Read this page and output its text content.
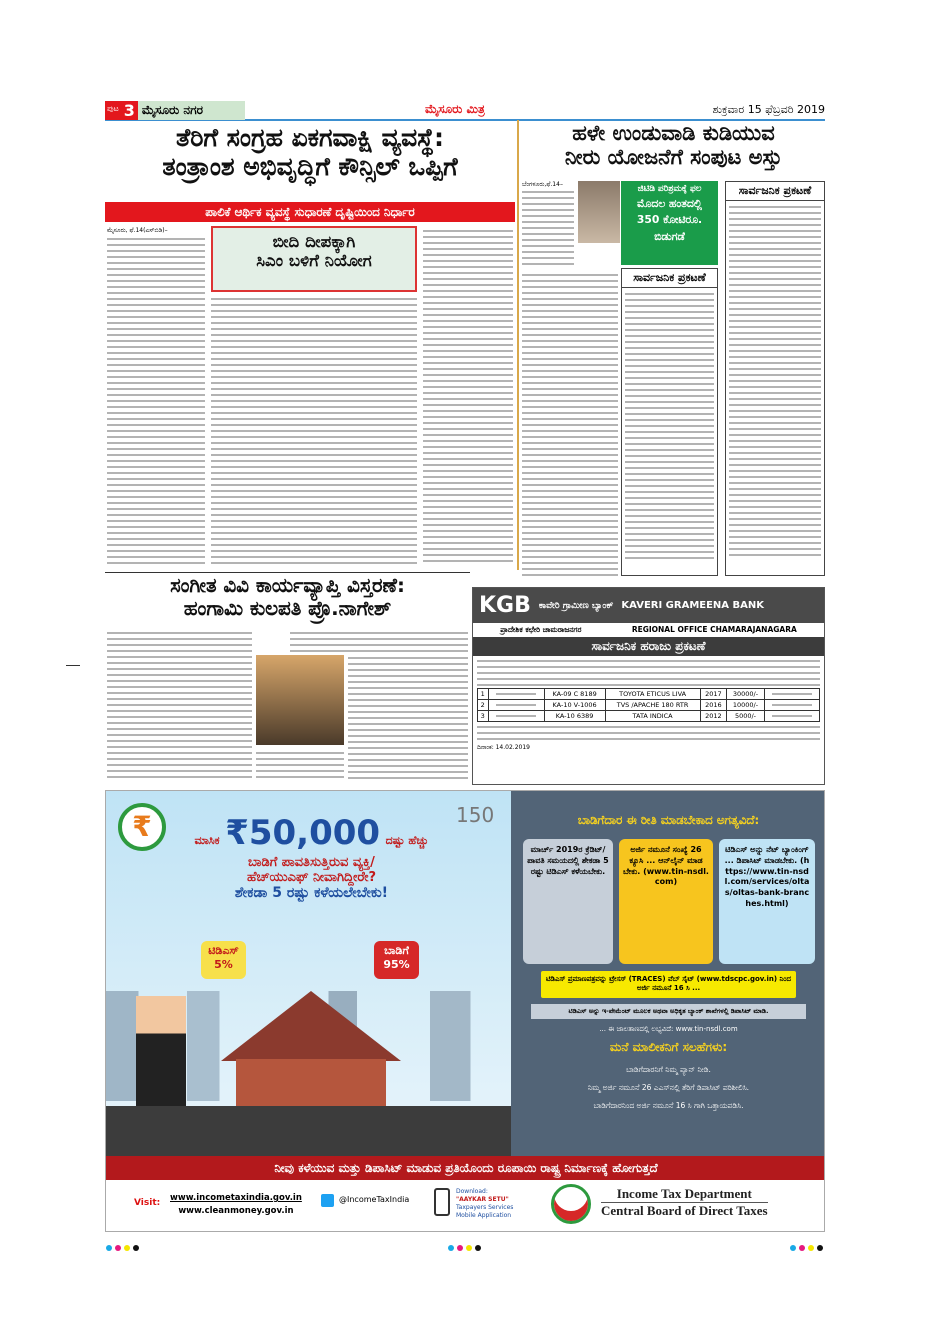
ಪುಟ 3 ಮೈಸೂರು ನಗರ	ಮೈಸೂರು ಮಿತ್ರ	ಶುಕ್ರವಾರ 15 ಫೆಬ್ರವರಿ 2019
ತೆರಿಗೆ ಸಂಗ್ರಹ ಏಕಗವಾಕ್ಷಿ ವ್ಯವಸ್ಥೆ:
ತಂತ್ರಾಂಶ ಅಭಿವೃದ್ಧಿಗೆ ಕೌನ್ಸಿಲ್ ಒಪ್ಪಿಗೆ
ಪಾಲಿಕೆ ಆರ್ಥಿಕ ವ್ಯವಸ್ಥೆ ಸುಧಾರಣೆ ದೃಷ್ಟಿಯಿಂದ ನಿರ್ಧಾರ
ಮೈಸೂರು, ಫೆ.14(ಎಸ್‌ಬಿಡಿ)–
ಬೀದಿ ದೀಪಕ್ಕಾಗಿ
ಸಿಎಂ ಬಳಿಗೆ ನಿಯೋಗ
ಹಳೇ ಉಂಡುವಾಡಿ ಕುಡಿಯುವ
ನೀರು ಯೋಜನೆಗೆ ಸಂಪುಟ ಅಸ್ತು
ಬೆಂಗಳೂರು,ಫೆ.14–	ಜಿಟಿಡಿ ಪರಿಶ್ರಮಕ್ಕೆ ಫಲ
ಮೊದಲ ಹಂತದಲ್ಲಿ
350 ಕೋಟಿರೂ.
ಬಿಡುಗಡೆ
ಸಾರ್ವಜನಿಕ ಪ್ರಕಟಣೆ
ಸಾರ್ವಜನಿಕ ಪ್ರಕಟಣೆ
ಸಂಗೀತ ವಿವಿ ಕಾರ್ಯವ್ಯಾಪ್ತಿ ವಿಸ್ತರಣೆ:
ಹಂಗಾಮಿ ಕುಲಪತಿ ಪ್ರೊ.ನಾಗೇಶ್	KGB ಕಾವೇರಿ ಗ್ರಾಮೀಣ ಬ್ಯಾಂಕ್ KAVERI GRAMEENA BANK
ಪ್ರಾದೇಶಿಕ ಕಛೇರಿ ಚಾಮರಾಜನಗರ	REGIONAL OFFICE CHAMARAJANAGARA
ಸಾರ್ವಜನಿಕ ಹರಾಜು ಪ್ರಕಟಣೆ
1		KA-09 C 8189	TOYOTA ETICUS LIVA	2017	30000/-	

2		KA-10 V-1006	TVS /APACHE 180 RTR	2016	10000/-	

3		KA-10 6389	TATA INDICA	2012	5000/-	
ದಿನಾಂಕ: 14.02.2019
₹	150
ಮಾಸಿಕ ₹50,000 ದಷ್ಟು ಹೆಚ್ಚು
ಬಾಡಿಗೆ ಪಾವತಿಸುತ್ತಿರುವ ವ್ಯಕ್ತಿ/
ಹೆಚ್‌ಯುಎಫ್ ನೀವಾಗಿದ್ದೀರೇ?
ಶೇಕಡಾ 5 ರಷ್ಟು ಕಳೆಯಲೇಬೇಕು!
ಟಿಡಿಎಸ್ 5%
ಬಾಡಿಗೆ 95%
ಬಾಡಿಗೆದಾರ ಈ ರೀತಿ ಮಾಡಬೇಕಾದ ಅಗತ್ಯವಿದೆ:
ಮಾರ್ಚ್ 2019ರ ಕ್ರೆಡಿಟ್/ಪಾವತಿ ಸಮಯದಲ್ಲಿ ಶೇಕಡಾ 5 ರಷ್ಟು ಟಿಡಿಎಸ್ ಕಳೆಯಬೇಕು.
ಅರ್ಜಿ ನಮೂನೆ ಸಂಖ್ಯೆ 26 ಕ್ಯೂಸಿ ... ಆನ್‌ಲೈನ್ ಮಾಡಬೇಕು. (www.tin-nsdl.com)
ಟಿಡಿಎಸ್ ಅನ್ನು ನೆಟ್ ಬ್ಯಾಂಕಿಂಗ್ ... ಡಿಪಾಸಿಟ್ ಮಾಡಬೇಕು. (https://www.tin-nsdl.com/services/oltas/oltas-bank-branches.html)
ಟಿಡಿಎಸ್ ಪ್ರಮಾಣಪತ್ರವನ್ನು ಟ್ರೇಸಸ್ (TRACES) ವೆಬ್ ಸೈಟ್ (www.tdscpc.gov.in) ನಿಂದ ಅರ್ಜಿ ನಮೂನೆ 16 ಸಿ ...
ಟಿಡಿಎಸ್ ಅನ್ನು ಇ-ಪೇಮೆಂಟ್ ಮೂಲಕ ಅಥವಾ ಅಧಿಕೃತ ಬ್ಯಾಂಕ್ ಶಾಖೆಗಳಲ್ಲಿ ಡಿಪಾಸಿಟ್ ಮಾಡಿ.
... ಈ ಜಾಲತಾಣದಲ್ಲಿ ಲಭ್ಯವಿದೆ: www.tin-nsdl.com
ಮನೆ ಮಾಲೀಕನಿಗೆ ಸಲಹೆಗಳು:
ಬಾಡಿಗೆದಾರನಿಗೆ ನಿಮ್ಮ ಪ್ಯಾನ್ ನೀಡಿ.
ನಿಮ್ಮ ಅರ್ಜಿ ನಮೂನೆ 26 ಎಎಸ್‌ನಲ್ಲಿ ತೆರಿಗೆ ಡಿಪಾಸಿಟ್ ಪರಿಶೀಲಿಸಿ.
ಬಾಡಿಗೆದಾರನಿಂದ ಅರ್ಜಿ ನಮೂನೆ 16 ಸಿ ಗಾಗಿ ಒತ್ತಾಯಪಡಿಸಿ.
ನೀವು ಕಳೆಯುವ ಮತ್ತು ಡಿಪಾಸಿಟ್ ಮಾಡುವ ಪ್ರತಿಯೊಂದು ರೂಪಾಯಿ ರಾಷ್ಟ್ರ ನಿರ್ಮಾಣಕ್ಕೆ ಹೋಗುತ್ತದೆ
Visit: www.incometaxindia.gov.in
www.cleanmoney.gov.in
@IncomeTaxIndia
Download:
"AAYKAR SETU"
Taxpayers Services
Mobile Application
Income Tax Department
Central Board of Direct Taxes
